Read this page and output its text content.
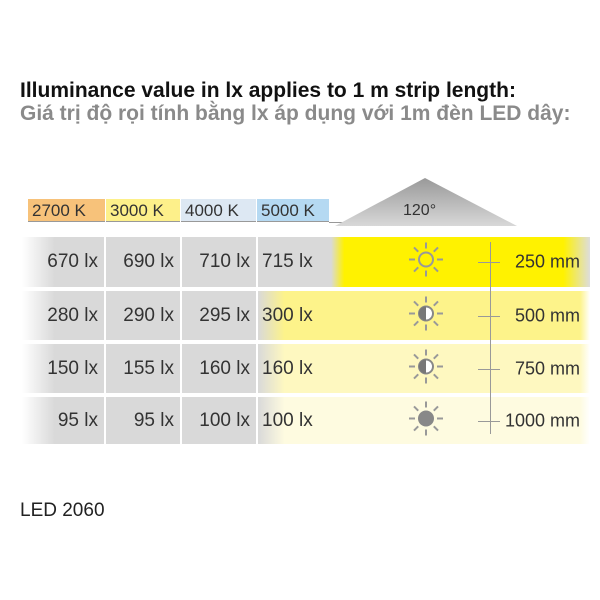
Illuminance value in lx applies to 1 m strip length:
Giá trị độ rọi tính bằng lx áp dụng với 1m đèn LED dây:
2700 K	3000 K	4000 K	5000 K	120°
670 lx	690 lx	710 lx 715 lx	250 mm
280 lx	290 lx	295 lx 300 lx	500 mm
150 lx	155 lx	160 lx 160 lx	750 mm
95 lx	95 lx	100 lx 100 lx	1000 mm
LED 2060
